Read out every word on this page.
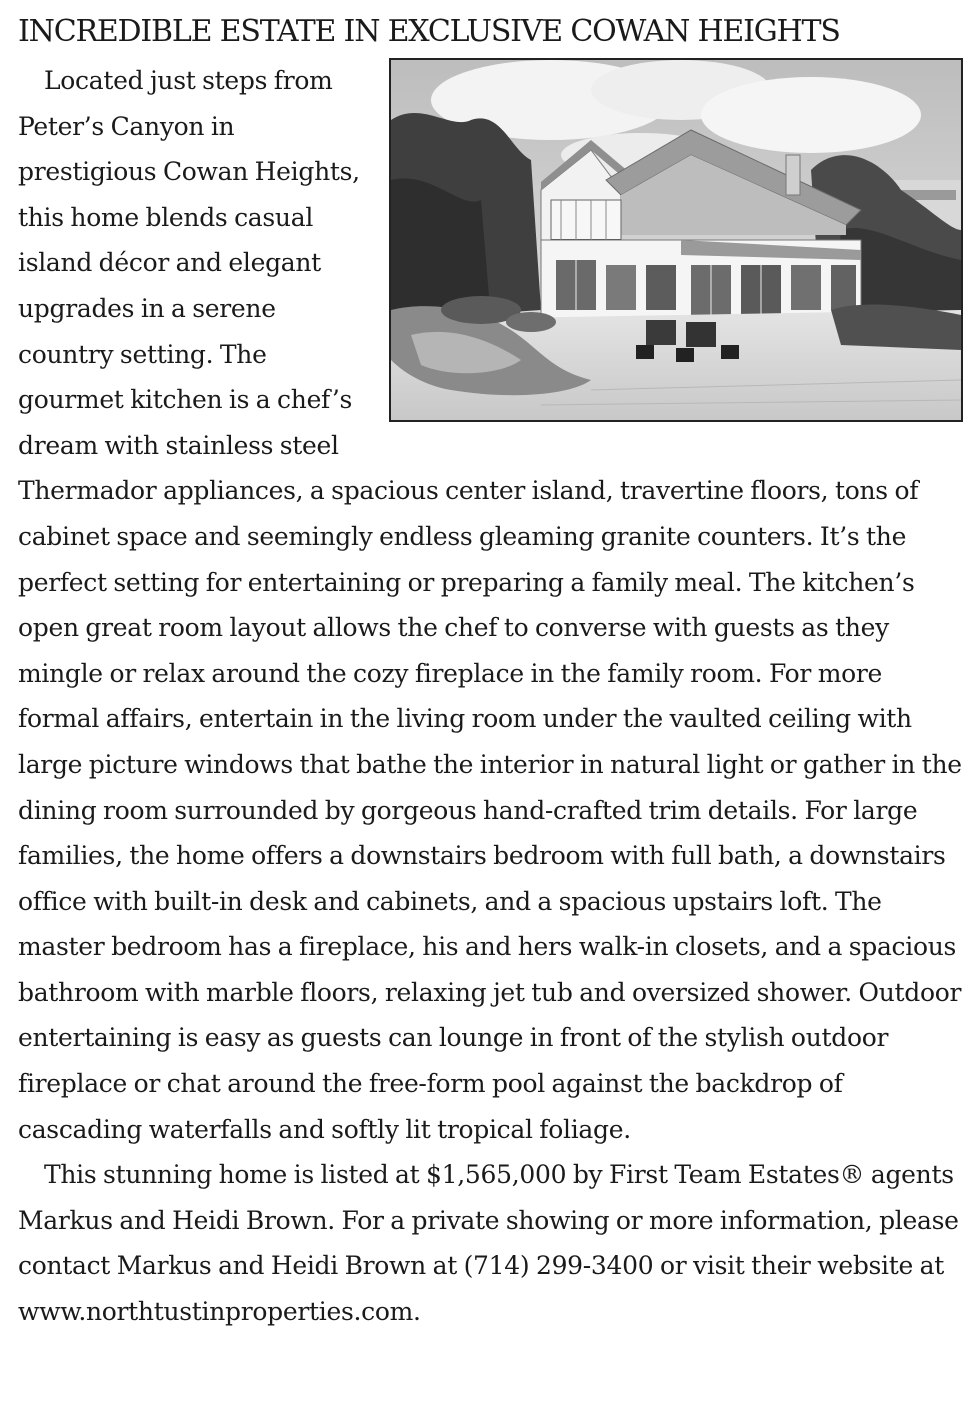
INCREDIBLE ESTATE IN EXCLUSIVE COWAN HEIGHTS

Located just steps from Peter’s Canyon in prestigious Cowan Heights, this home blends casual island décor and elegant upgrades in a serene country setting. The gourmet kitchen is a chef’s dream with stainless steel Thermador appliances, a spacious center island, travertine floors, tons of cabinet space and seemingly endless gleaming granite counters. It’s the perfect setting for entertaining or preparing a family meal. The kitchen’s open great room layout allows the chef to converse with guests as they mingle or relax around the cozy fireplace in the family room. For more formal affairs, entertain in the living room under the vaulted ceiling with large picture windows that bathe the interior in natural light or gather in the dining room surrounded by gorgeous hand-crafted trim details. For large families, the home offers a downstairs bedroom with full bath, a downstairs office with built-in desk and cabinets, and a spacious upstairs loft. The master bedroom has a fireplace, his and hers walk-in closets, and a spacious bathroom with marble floors, relaxing jet tub and oversized shower. Outdoor entertaining is easy as guests can lounge in front of the stylish outdoor fireplace or chat around the free-form pool against the backdrop of cascading waterfalls and softly lit tropical foliage.

This stunning home is listed at $1,565,000 by First Team Estates® agents Markus and Heidi Brown. For a private showing or more information, please contact Markus and Heidi Brown at (714) 299-3400 or visit their website at www.northtustinproperties.com.
